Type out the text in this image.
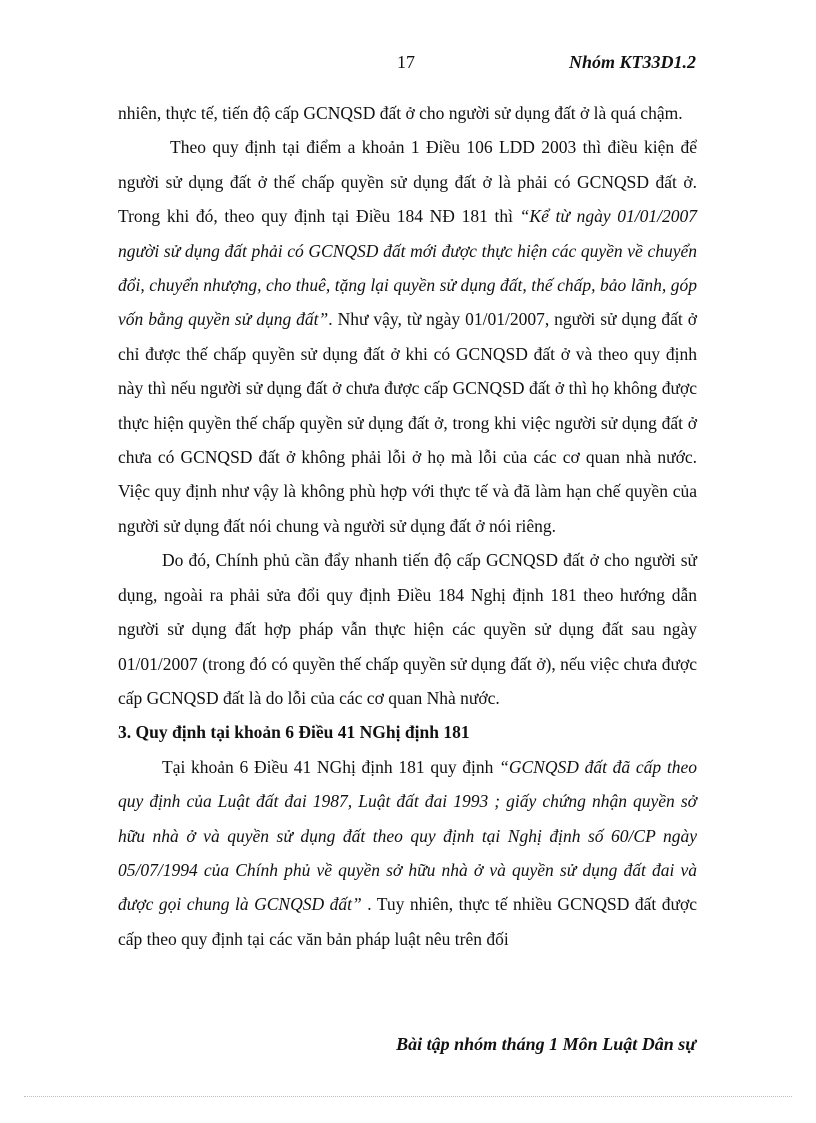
17	Nhóm KT33D1.2

nhiên, thực tế, tiến độ cấp GCNQSD đất ở cho người sử dụng đất ở là quá chậm.

Theo quy định tại điểm a khoản 1 Điều 106 LDD 2003 thì điều kiện để người sử dụng đất ở thế chấp quyền sử dụng đất ở là phải có GCNQSD đất ở. Trong khi đó, theo quy định tại Điều 184 NĐ 181 thì “Kể từ ngày 01/01/2007 người sử dụng đất phải có GCNQSD đất mới được thực hiện các quyền về chuyển đổi, chuyển nhượng, cho thuê, tặng lại quyền sử dụng đất, thế chấp, bảo lãnh, góp vốn bằng quyền sử dụng đất”. Như vậy, từ ngày 01/01/2007, người sử dụng đất ở chỉ được thế chấp quyền sử dụng đất ở khi có GCNQSD đất ở và theo quy định này thì nếu người sử dụng đất ở chưa được cấp GCNQSD đất ở thì họ không được thực hiện quyền thế chấp quyền sử dụng đất ở, trong khi việc người sử dụng đất ở chưa có GCNQSD đất ở không phải lỗi ở họ mà lỗi của các cơ quan nhà nước. Việc quy định như vậy là không phù hợp với thực tế và đã làm hạn chế quyền của người sử dụng đất nói chung và người sử dụng đất ở nói riêng.

Do đó, Chính phủ cần đẩy nhanh tiến độ cấp GCNQSD đất ở cho người sử dụng, ngoài ra phải sửa đổi quy định Điều 184 Nghị định 181 theo hướng dẫn người sử dụng đất hợp pháp vẫn thực hiện các quyền sử dụng đất sau ngày 01/01/2007 (trong đó có quyền thế chấp quyền sử dụng đất ở), nếu việc chưa được cấp GCNQSD đất là do lỗi của các cơ quan Nhà nước.

3. Quy định tại khoản 6 Điều 41 NGhị định 181

Tại khoản 6 Điều 41 NGhị định 181 quy định “GCNQSD đất đã cấp theo quy định của Luật đất đai 1987, Luật đất đai 1993 ; giấy chứng nhận quyền sở hữu nhà ở và quyền sử dụng đất theo quy định tại Nghị định số 60/CP ngày 05/07/1994 của Chính phủ về quyền sở hữu nhà ở và quyền sử dụng đất đai và được gọi chung là GCNQSD đất” . Tuy nhiên, thực tế nhiều GCNQSD đất được cấp theo quy định tại các văn bản pháp luật nêu trên đối

Bài tập nhóm tháng 1 Môn Luật Dân sự
